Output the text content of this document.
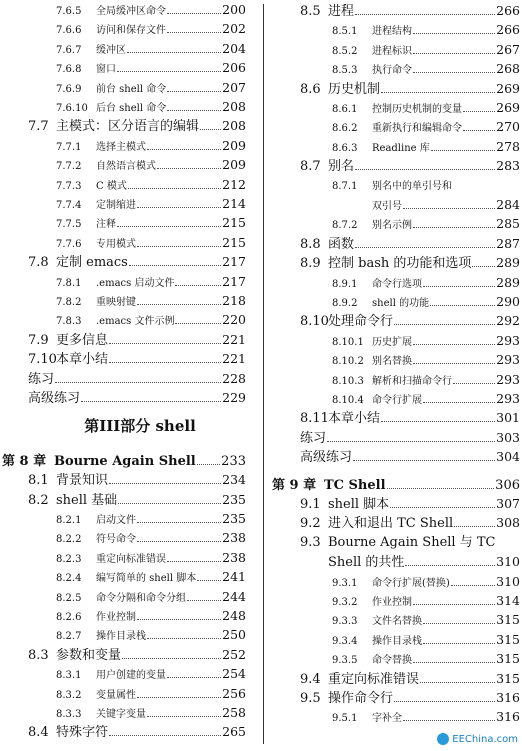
7.6.5	全局缓冲区命令	200
7.6.6	访问和保存文件	202
7.6.7	缓冲区	204
7.6.8	窗口	206
7.6.9	前台 shell 命令	207
7.6.10 后台 shell 命令	208
7.7 主模式：区分语言的编辑 208
7.7.1	选择主模式	209
7.7.2	自然语言模式	209
7.7.3	C 模式	212
7.7.4	定制缩进	214
7.7.5	注释	215
7.7.6	专用模式	215
7.8 定制 emacs	217
7.8.1	.emacs 启动文件	217
7.8.2	重映射键	218
7.8.3	.emacs 文件示例	220
7.9 更多信息	221
7.10 本章小结	221
练习	228
高级练习	229
第III部分 shell
第 8 章 Bourne Again Shell 233
8.1 背景知识	234
8.2 shell 基础	235
8.2.1	启动文件	235
8.2.2	符号命令	238
8.2.3	重定向标准错误	238
8.2.4	编写简单的 shell 脚本 241
8.2.5	命令分隔和命令分组	244
8.2.6	作业控制	248
8.2.7	操作目录栈	250
8.3 参数和变量	252
8.3.1	用户创建的变量	254
8.3.2	变量属性	256
8.3.3	关键字变量	258
8.4 特殊字符	265
8.5 进程	266
8.5.1	进程结构	266
8.5.2	进程标识	267
8.5.3	执行命令	268
8.6 历史机制	269
8.6.1	控制历史机制的变量	269
8.6.2	重新执行和编辑命令	270
8.6.3	Readline 库	278
8.7 别名	283
8.7.1	别名中的单引号和
双引号	284
8.7.2	别名示例	285
8.8 函数	287
8.9 控制 bash 的功能和选项 289
8.9.1	命令行选项	289
8.9.2	shell 的功能	290
8.10 处理命令行	292
8.10.1 历史扩展	293
8.10.2 别名替换	293
8.10.3 解析和扫描命令行	293
8.10.4 命令行扩展	293
8.11 本章小结	301
练习	303
高级练习	304
第 9 章 TC Shell	306
9.1 shell 脚本	307
9.2 进入和退出 TC Shell	308
9.3 Bourne Again Shell 与 TC
Shell 的共性	310
9.3.1	命令行扩展(替换)	310
9.3.2	作业控制	314
9.3.3	文件名替换	315
9.3.4	操作目录栈	315
9.3.5	命令替换	315
9.4 重定向标准错误	315
9.5 操作命令行	316
9.5.1	字补全	316
EEChina.com
